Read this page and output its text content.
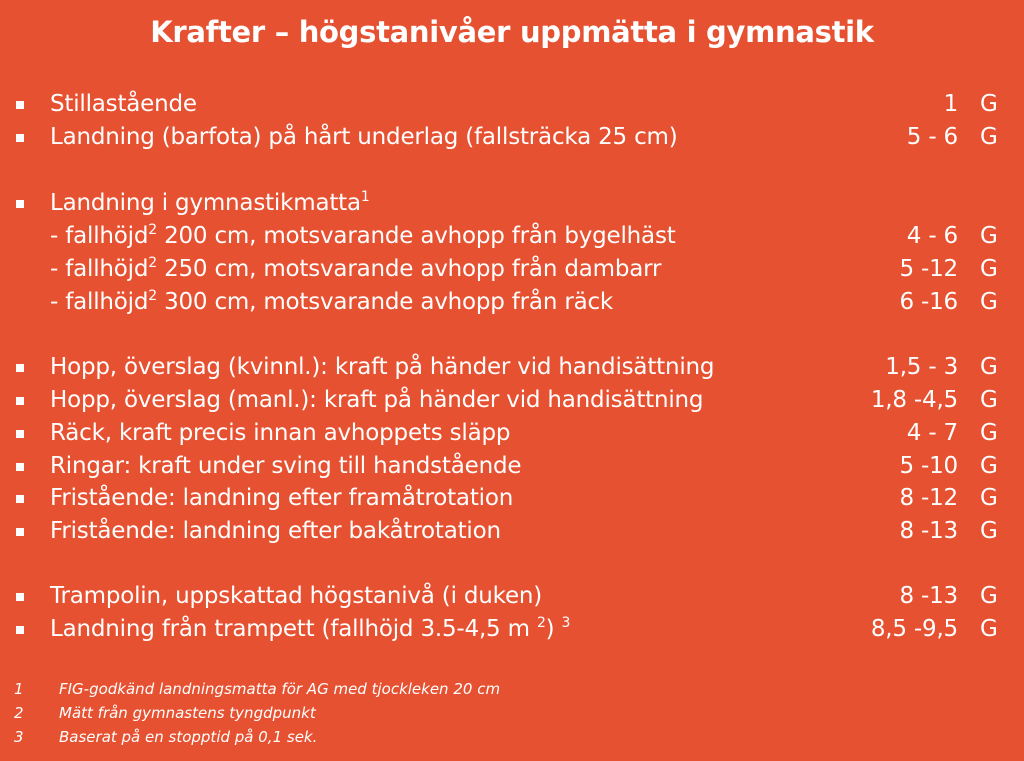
Krafter – högstanivåer uppmätta i gymnastik
Stillastående	1 G
Landning (barfota) på hårt underlag (fallsträcka 25 cm)	5 - 6 G
Landning i gymnastikmatta$^1$
- fallhöjd$^2$ 200 cm, motsvarande avhopp från bygelhäst	4 - 6 G
- fallhöjd$^2$ 250 cm, motsvarande avhopp från dambarr	5 -12 G
- fallhöjd$^2$ 300 cm, motsvarande avhopp från räck	6 -16 G
Hopp, överslag (kvinnl.): kraft på händer vid handisättning	1,5 - 3 G
Hopp, överslag (manl.): kraft på händer vid handisättning	1,8 -4,5 G
Räck, kraft precis innan avhoppets släpp	4 - 7 G
Ringar: kraft under sving till handstående	5 -10 G
Fristående: landning efter framåtrotation	8 -12 G
Fristående: landning efter bakåtrotation	8 -13 G
Trampolin, uppskattad högstanivå (i duken)	8 -13 G
Landning från trampett (fallhöjd 3.5-4,5 m $^2$) $^3$	8,5 -9,5 G
1 FIG-godkänd landningsmatta för AG med tjockleken 20 cm
2 Mätt från gymnastens tyngdpunkt
3 Baserat på en stopptid på 0,1 sek.
